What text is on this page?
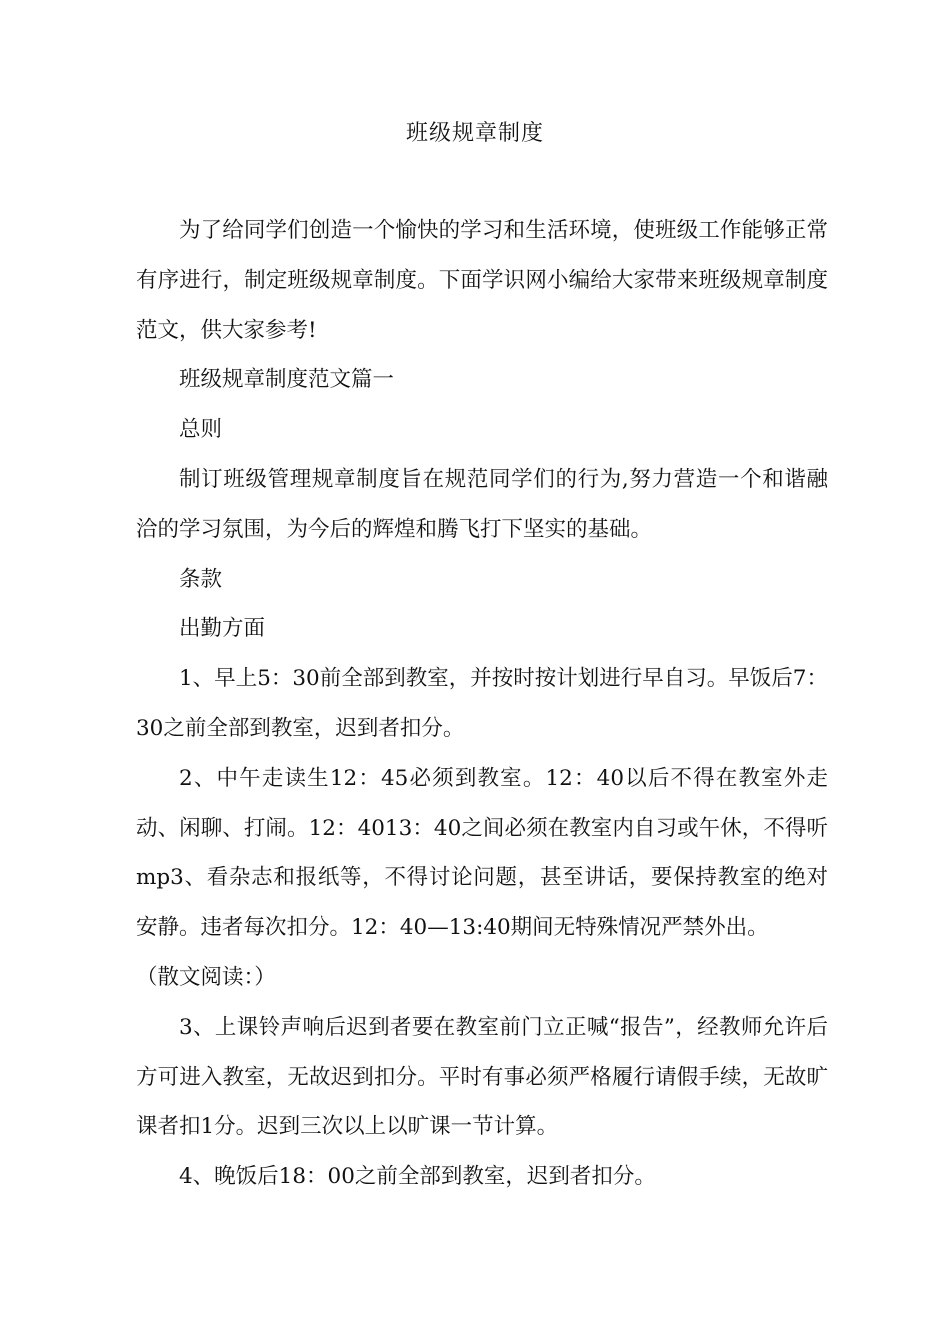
班级规章制度

为了给同学们创造一个愉快的学习和生活环境，使班级工作能够正常有序进行，制定班级规章制度。下面学识网小编给大家带来班级规章制度范文，供大家参考!

班级规章制度范文篇一

总则

制订班级管理规章制度旨在规范同学们的行为,努力营造一个和谐融洽的学习氛围，为今后的辉煌和腾飞打下坚实的基础。

条款

出勤方面

1、早上5：30前全部到教室，并按时按计划进行早自习。早饭后7：30之前全部到教室，迟到者扣分。

2、中午走读生12：45必须到教室。12：40以后不得在教室外走动、闲聊、打闹。12：4013：40之间必须在教室内自习或午休，不得听mp3、看杂志和报纸等，不得讨论问题，甚至讲话，要保持教室的绝对安静。违者每次扣分。12：40—13:40期间无特殊情况严禁外出。

（散文阅读：）

3、上课铃声响后迟到者要在教室前门立正喊“报告”，经教师允许后方可进入教室，无故迟到扣分。平时有事必须严格履行请假手续，无故旷课者扣1分。迟到三次以上以旷课一节计算。

4、晚饭后18：00之前全部到教室，迟到者扣分。
